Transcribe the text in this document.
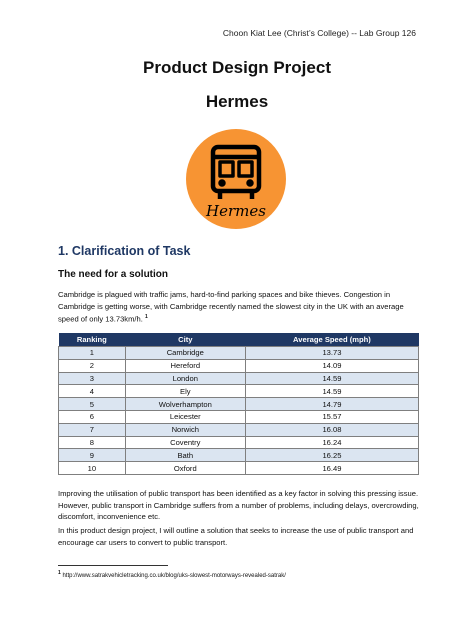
Choon Kiat Lee (Christ’s College) -- Lab Group 126
Product Design Project
Hermes
Hermes
1. Clarification of Task
The need for a solution
Cambridge is plagued with traffic jams, hard-to-find parking spaces and bike thieves. Congestion in Cambridge is getting worse, with Cambridge recently named the slowest city in the UK with an average speed of only 13.73km/h. $^1$
Ranking	City	Average Speed (mph)
1	Cambridge	13.73
2	Hereford	14.09
3	London	14.59
4	Ely	14.59
5	Wolverhampton	14.79
6	Leicester	15.57
7	Norwich	16.08
8	Coventry	16.24
9	Bath	16.25
10	Oxford	16.49
Improving the utilisation of public transport has been identified as a key factor in solving this pressing issue. However, public transport in Cambridge suffers from a number of problems, including delays, overcrowding, discomfort, inconvenience etc.
In this product design project, I will outline a solution that seeks to increase the use of public transport and encourage car users to convert to public transport.
$^1$ http://www.satrakvehicletracking.co.uk/blog/uks-slowest-motorways-revealed-satrak/
